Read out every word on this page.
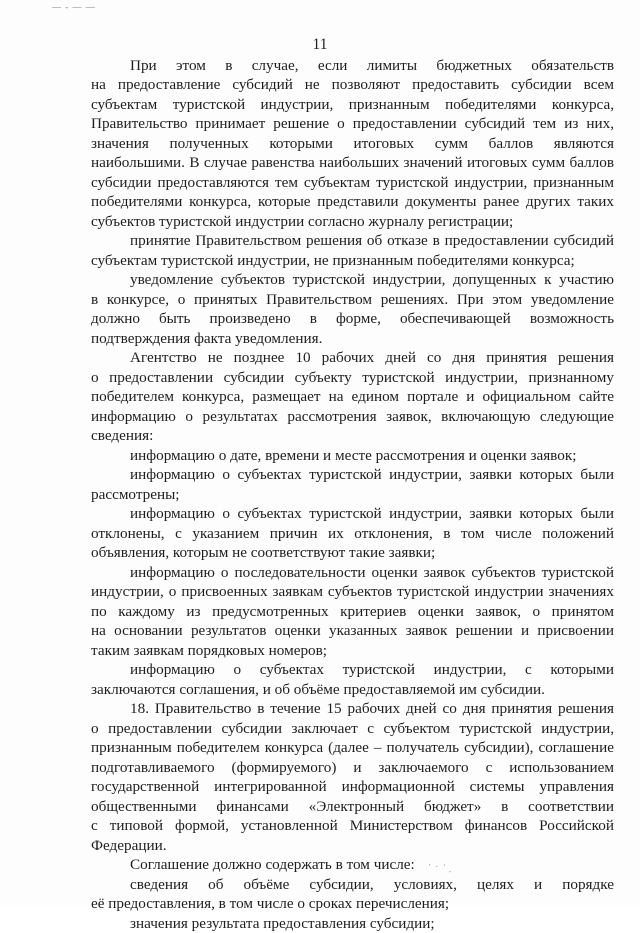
— - — —
11
При этом в случае, если лимиты бюджетных обязательств
на предоставление субсидий не позволяют предоставить субсидии всем
субъектам туристской индустрии, признанным победителями конкурса,
Правительство принимает решение о предоставлении субсидий тем из них,
значения полученных которыми итоговых сумм баллов являются
наибольшими. В случае равенства наибольших значений итоговых сумм баллов
субсидии предоставляются тем субъектам туристской индустрии, признанным
победителями конкурса, которые представили документы ранее других таких
субъектов туристской индустрии согласно журналу регистрации;
принятие Правительством решения об отказе в предоставлении субсидий
субъектам туристской индустрии, не признанным победителями конкурса;
уведомление субъектов туристской индустрии, допущенных к участию
в конкурсе, о принятых Правительством решениях. При этом уведомление
должно быть произведено в форме, обеспечивающей возможность
подтверждения факта уведомления.
Агентство не позднее 10 рабочих дней со дня принятия решения
о предоставлении субсидии субъекту туристской индустрии, признанному
победителем конкурса, размещает на едином портале и официальном сайте
информацию о результатах рассмотрения заявок, включающую следующие
сведения:
информацию о дате, времени и месте рассмотрения и оценки заявок;
информацию о субъектах туристской индустрии, заявки которых были
рассмотрены;
информацию о субъектах туристской индустрии, заявки которых были
отклонены, с указанием причин их отклонения, в том числе положений
объявления, которым не соответствуют такие заявки;
информацию о последовательности оценки заявок субъектов туристской
индустрии, о присвоенных заявкам субъектов туристской индустрии значениях
по каждому из предусмотренных критериев оценки заявок, о принятом
на основании результатов оценки указанных заявок решении и присвоении
таким заявкам порядковых номеров;
информацию о субъектах туристской индустрии, с которыми
заключаются соглашения, и об объёме предоставляемой им субсидии.
18. Правительство в течение 15 рабочих дней со дня принятия решения
о предоставлении субсидии заключает с субъектом туристской индустрии,
признанным победителем конкурса (далее – получатель субсидии), соглашение
подготавливаемого (формируемого) и заключаемого с использованием
государственной интегрированной информационной системы управления
общественными финансами «Электронный бюджет» в соответствии
с типовой формой, установленной Министерством финансов Российской
Федерации.
Соглашение должно содержать в том числе:
сведения об объёме субсидии, условиях, целях и порядке
её предоставления, в том числе о сроках перечисления;
значения результата предоставления субсидии;
· · ` .
